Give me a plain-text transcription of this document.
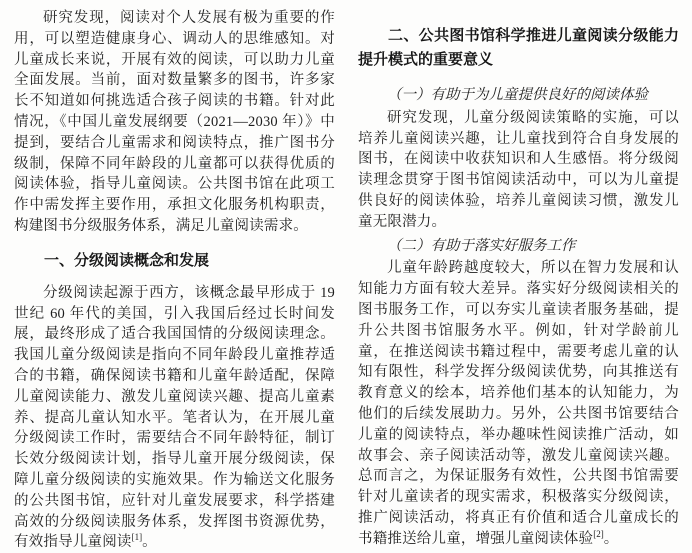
研究发现，阅读对个人发展有极为重要的作用，可以塑造健康身心、调动人的思维感知。对儿童成长来说，开展有效的阅读，可以助力儿童全面发展。当前，面对数量繁多的图书，许多家长不知道如何挑选适合孩子阅读的书籍。针对此情况，《中国儿童发展纲要（2021—2030 年）》中提到，要结合儿童需求和阅读特点，推广图书分级制，保障不同年龄段的儿童都可以获得优质的阅读体验，指导儿童阅读。公共图书馆在此项工作中需发挥主要作用，承担文化服务机构职责，构建图书分级服务体系，满足儿童阅读需求。

一、分级阅读概念和发展

分级阅读起源于西方，该概念最早形成于 19 世纪 60 年代的美国，引入我国后经过长时间发展，最终形成了适合我国国情的分级阅读理念。我国儿童分级阅读是指向不同年龄段儿童推荐适合的书籍，确保阅读书籍和儿童年龄适配，保障儿童阅读能力、激发儿童阅读兴趣、提高儿童素养、提高儿童认知水平。笔者认为，在开展儿童分级阅读工作时，需要结合不同年龄特征，制订长效分级阅读计划，指导儿童开展分级阅读，保障儿童分级阅读的实施效果。作为输送文化服务的公共图书馆，应针对儿童发展要求，科学搭建高效的分级阅读服务体系，发挥图书资源优势，有效指导儿童阅读[1]。

二、公共图书馆科学推进儿童阅读分级能力提升模式的重要意义
（一）有助于为儿童提供良好的阅读体验

研究发现，儿童分级阅读策略的实施，可以培养儿童阅读兴趣，让儿童找到符合自身发展的图书，在阅读中收获知识和人生感悟。将分级阅读理念贯穿于图书馆阅读活动中，可以为儿童提供良好的阅读体验，培养儿童阅读习惯，激发儿童无限潜力。

（二）有助于落实好服务工作

儿童年龄跨越度较大，所以在智力发展和认知能力方面有较大差异。落实好分级阅读相关的图书服务工作，可以夯实儿童读者服务基础，提升公共图书馆服务水平。例如，针对学龄前儿童，在推送阅读书籍过程中，需要考虑儿童的认知有限性，科学发挥分级阅读优势，向其推送有教育意义的绘本，培养他们基本的认知能力，为他们的后续发展助力。另外，公共图书馆要结合儿童的阅读特点，举办趣味性阅读推广活动，如故事会、亲子阅读活动等，激发儿童阅读兴趣。总而言之，为保证服务有效性，公共图书馆需要针对儿童读者的现实需求，积极落实分级阅读，推广阅读活动，将真正有价值和适合儿童成长的书籍推送给儿童，增强儿童阅读体验[2]。
